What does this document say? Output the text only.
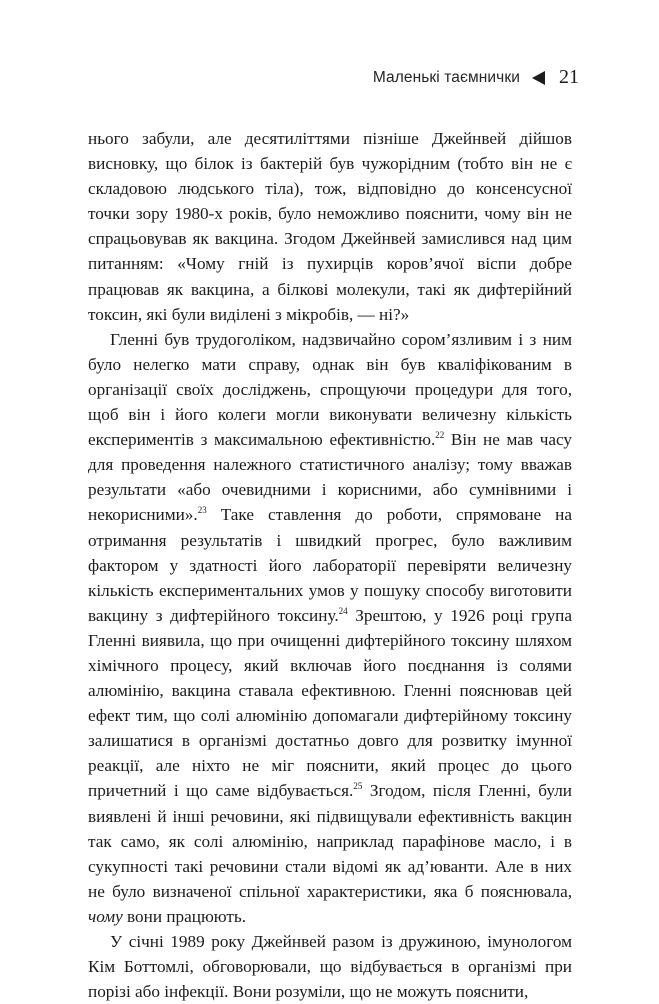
Маленькі таємнички 21

нього забули, але десятиліттями пізніше Джейнвей дійшов висновку, що білок із бактерій був чужорідним (тобто він не є складовою людського тіла), тож, відповідно до консенсусної точки зору 1980-х років, було неможливо пояснити, чому він не спрацьовував як вакцина. Згодом Джейнвей замислився над цим питанням: «Чому гній із пухирців коров’ячої віспи добре працював як вакцина, а білкові молекули, такі як дифтерійний токсин, які були виділені з мікробів, — ні?»

Гленні був трудоголіком, надзвичайно сором’язливим і з ним було нелегко мати справу, однак він був кваліфікованим в організації своїх досліджень, спрощуючи процедури для того, щоб він і його колеги могли виконувати величезну кількість експериментів з максимальною ефективністю.$^{22}$ Він не мав часу для проведення належного статистичного аналізу; тому вважав результати «або очевидними і корисними, або сумнівними і некорисними».$^{23}$ Таке ставлення до роботи, спрямоване на отримання результатів і швидкий прогрес, було важливим фактором у здатності його лабораторії перевіряти величезну кількість експериментальних умов у пошуку способу виготовити вакцину з дифтерійного токсину.$^{24}$ Зрештою, у 1926 році група Гленні виявила, що при очищенні дифтерійного токсину шляхом хімічного процесу, який включав його поєднання із солями алюмінію, вакцина ставала ефективною. Гленні пояснював цей ефект тим, що солі алюмінію допомагали дифтерійному токсину залишатися в організмі достатньо довго для розвитку імунної реакції, але ніхто не міг пояснити, який процес до цього причетний і що саме відбувається.$^{25}$ Згодом, після Гленні, були виявлені й інші речовини, які підвищували ефективність вакцин так само, як солі алюмінію, наприклад парафінове масло, і в сукупності такі речовини стали відомі як ад’юванти. Але в них не було визначеної спільної характеристики, яка б пояснювала, чому вони працюють.

У січні 1989 року Джейнвей разом із дружиною, імунологом Кім Боттомлі, обговорювали, що відбувається в організмі при порізі або інфекції. Вони розуміли, що не можуть пояснити,
